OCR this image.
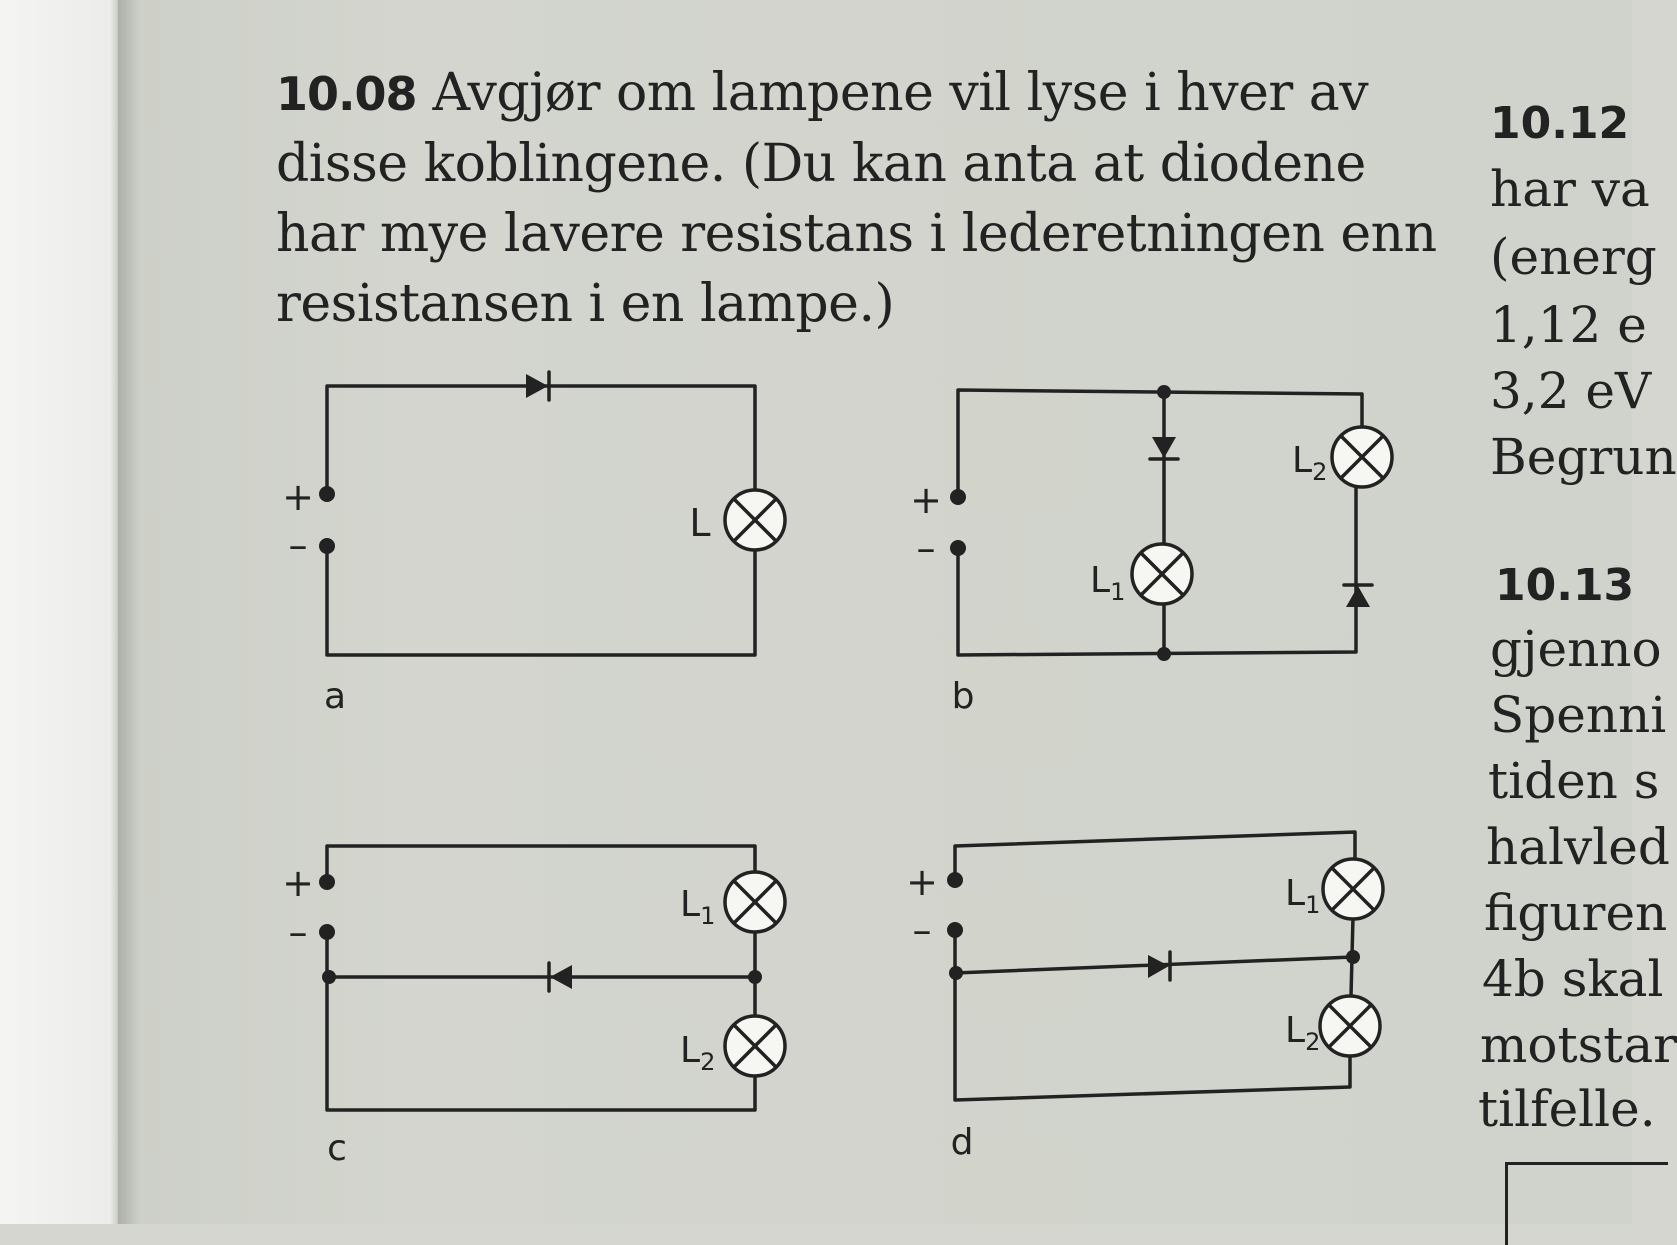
10.08 Avgjør om lampene vil lyse i hver av
disse koblingene. (Du kan anta at diodene
har mye lavere resistans i lederetningen enn
resistansen i en lampe.)
+
–	L
a
+
–
$L_1$
$L_2$
b
+
–
$L_1$
$L_2$
c
+
–
$L_1$
$L_2$
d
10.12
har va
(energ
1,12 e
3,2 eV
Begrun
10.13
gjenno
Spenni
tiden s
halvled
figuren
4b skal
motstar
tilfelle.
